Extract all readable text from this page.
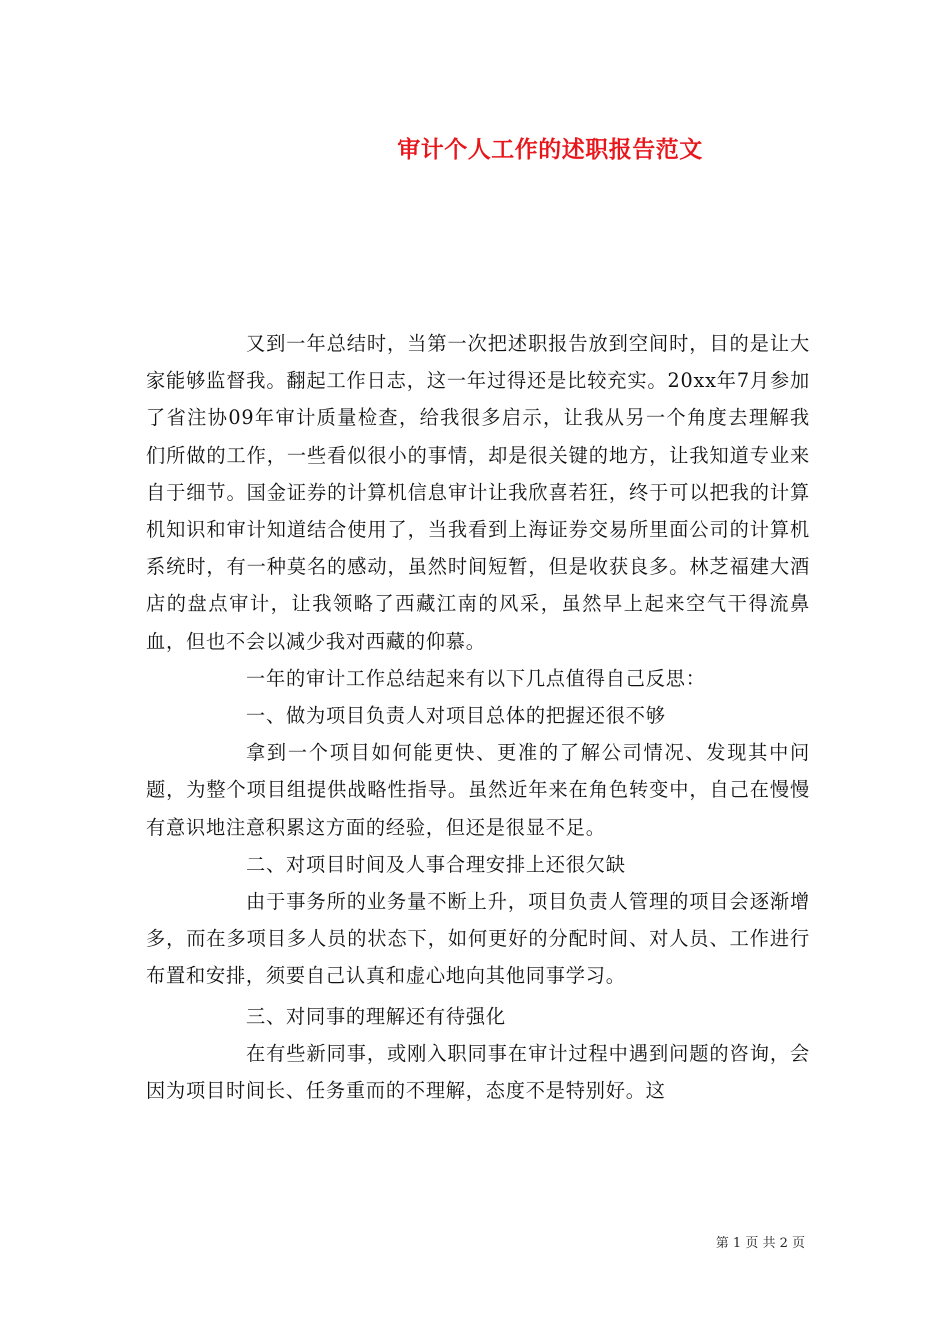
审计个人工作的述职报告范文

又到一年总结时，当第一次把述职报告放到空间时，目的是让大家能够监督我。翻起工作日志，这一年过得还是比较充实。20xx年7月参加了省注协09年审计质量检查，给我很多启示，让我从另一个角度去理解我们所做的工作，一些看似很小的事情，却是很关键的地方，让我知道专业来自于细节。国金证券的计算机信息审计让我欣喜若狂，终于可以把我的计算机知识和审计知道结合使用了，当我看到上海证券交易所里面公司的计算机系统时，有一种莫名的感动，虽然时间短暂，但是收获良多。林芝福建大酒店的盘点审计，让我领略了西藏江南的风采，虽然早上起来空气干得流鼻血，但也不会以减少我对西藏的仰慕。

一年的审计工作总结起来有以下几点值得自己反思：

一、做为项目负责人对项目总体的把握还很不够

拿到一个项目如何能更快、更准的了解公司情况、发现其中问题，为整个项目组提供战略性指导。虽然近年来在角色转变中，自己在慢慢有意识地注意积累这方面的经验，但还是很显不足。

二、对项目时间及人事合理安排上还很欠缺

由于事务所的业务量不断上升，项目负责人管理的项目会逐渐增多，而在多项目多人员的状态下，如何更好的分配时间、对人员、工作进行布置和安排，须要自己认真和虚心地向其他同事学习。

三、对同事的理解还有待强化

在有些新同事，或刚入职同事在审计过程中遇到问题的咨询，会因为项目时间长、任务重而的不理解，态度不是特别好。这

第 1 页 共 2 页
